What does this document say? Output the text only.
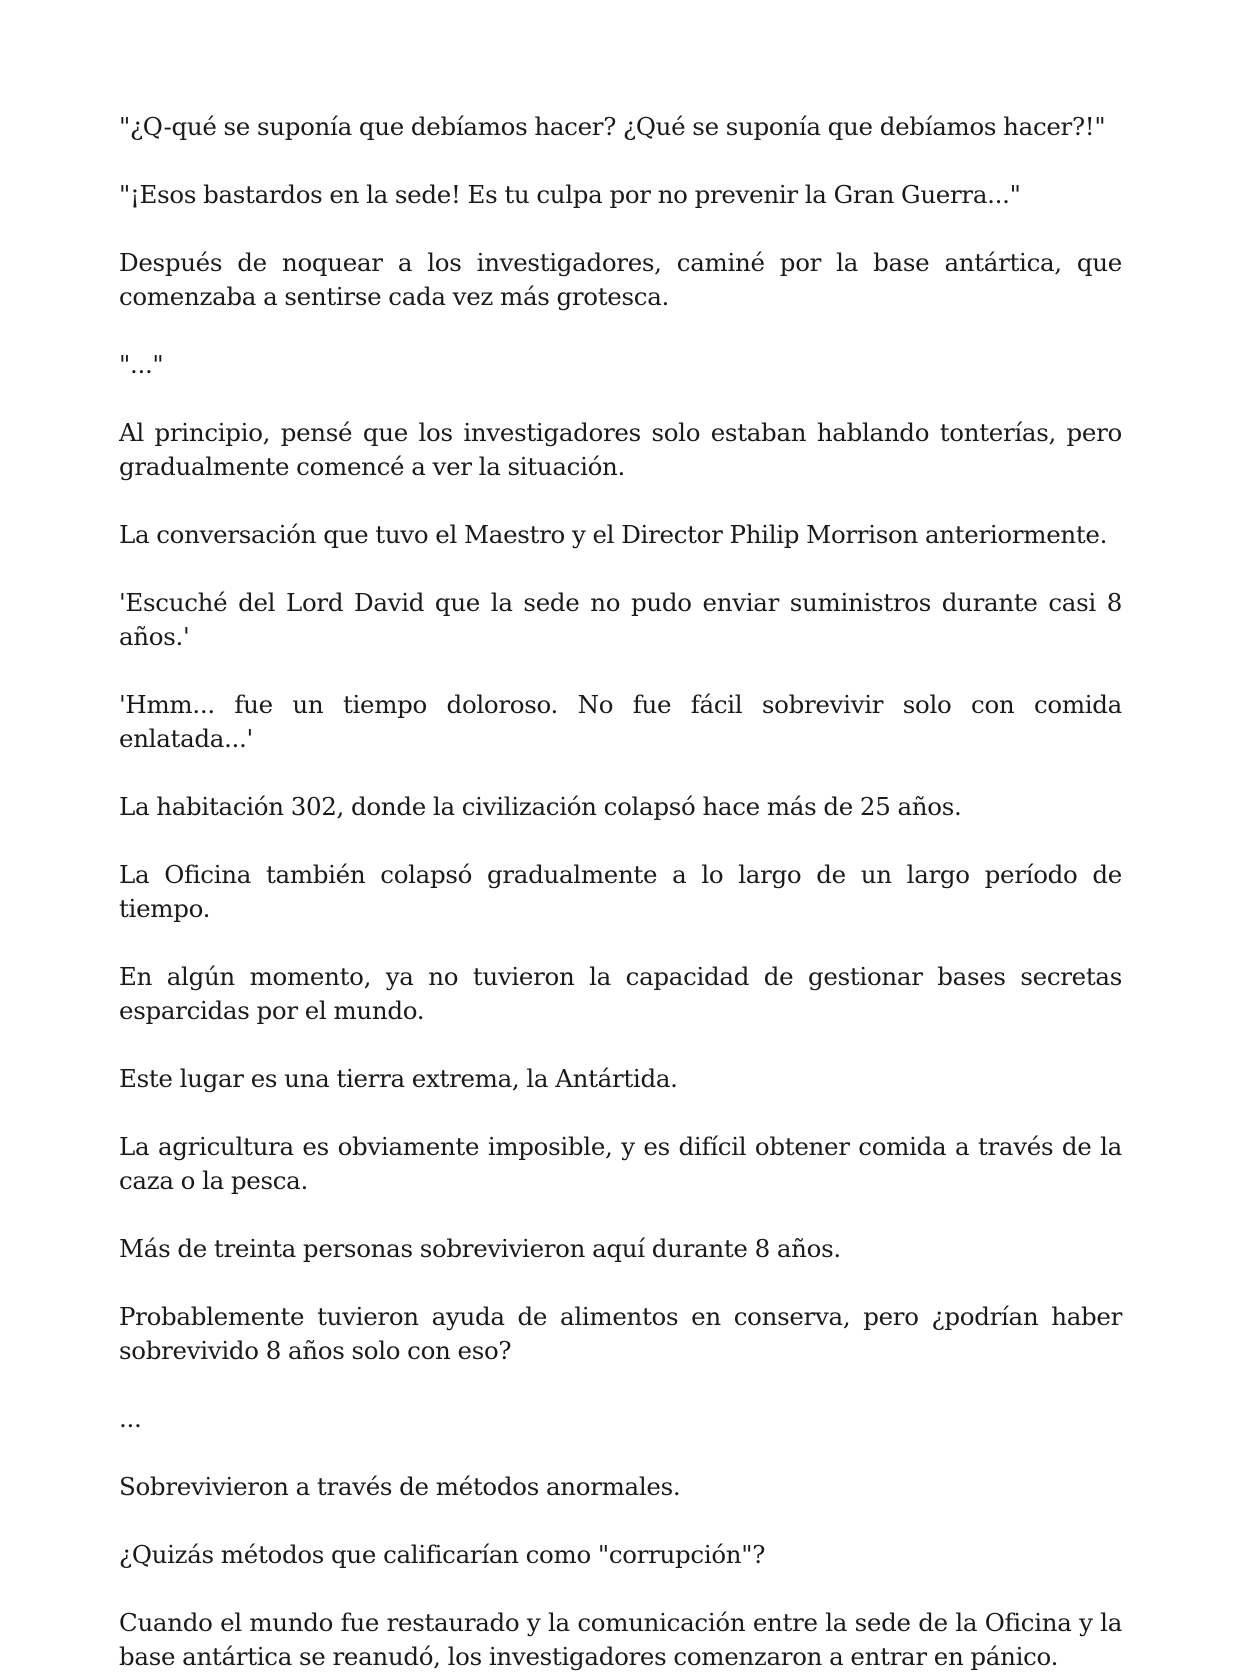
"¿Q-qué se suponía que debíamos hacer? ¿Qué se suponía que debíamos hacer?!"

"¡Esos bastardos en la sede! Es tu culpa por no prevenir la Gran Guerra..."

Después de noquear a los investigadores, caminé por la base antártica, que comenzaba a sentirse cada vez más grotesca.

"..."

Al principio, pensé que los investigadores solo estaban hablando tonterías, pero gradualmente comencé a ver la situación.

La conversación que tuvo el Maestro y el Director Philip Morrison anteriormente.

'Escuché del Lord David que la sede no pudo enviar suministros durante casi 8 años.'

'Hmm... fue un tiempo doloroso. No fue fácil sobrevivir solo con comida enlatada...'

La habitación 302, donde la civilización colapsó hace más de 25 años.

La Oficina también colapsó gradualmente a lo largo de un largo período de tiempo.

En algún momento, ya no tuvieron la capacidad de gestionar bases secretas esparcidas por el mundo.

Este lugar es una tierra extrema, la Antártida.

La agricultura es obviamente imposible, y es difícil obtener comida a través de la caza o la pesca.

Más de treinta personas sobrevivieron aquí durante 8 años.

Probablemente tuvieron ayuda de alimentos en conserva, pero ¿podrían haber sobrevivido 8 años solo con eso?

...

Sobrevivieron a través de métodos anormales.

¿Quizás métodos que calificarían como "corrupción"?

Cuando el mundo fue restaurado y la comunicación entre la sede de la Oficina y la base antártica se reanudó, los investigadores comenzaron a entrar en pánico.
